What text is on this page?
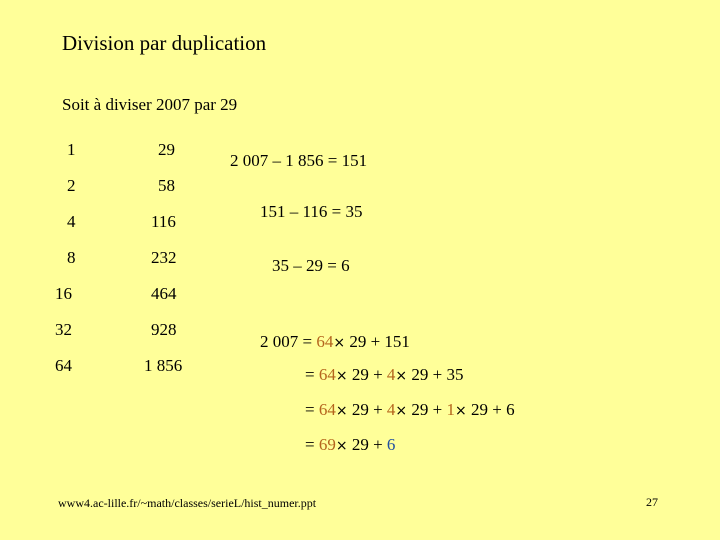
Division par duplication
Soit à diviser 2007 par 29
1
2
4
8
16
32
64
29
58
116
232
464
928
1 856
2 007 – 1 856 = 151
151 – 116 = 35
35 – 29 = 6
2 007 = 64× 29 + 151
= 64× 29 + 4× 29 + 35
= 64× 29 + 4× 29 + 1× 29 + 6
= 69× 29 + 6
www4.ac-lille.fr/~math/classes/serieL/hist_numer.ppt	27
